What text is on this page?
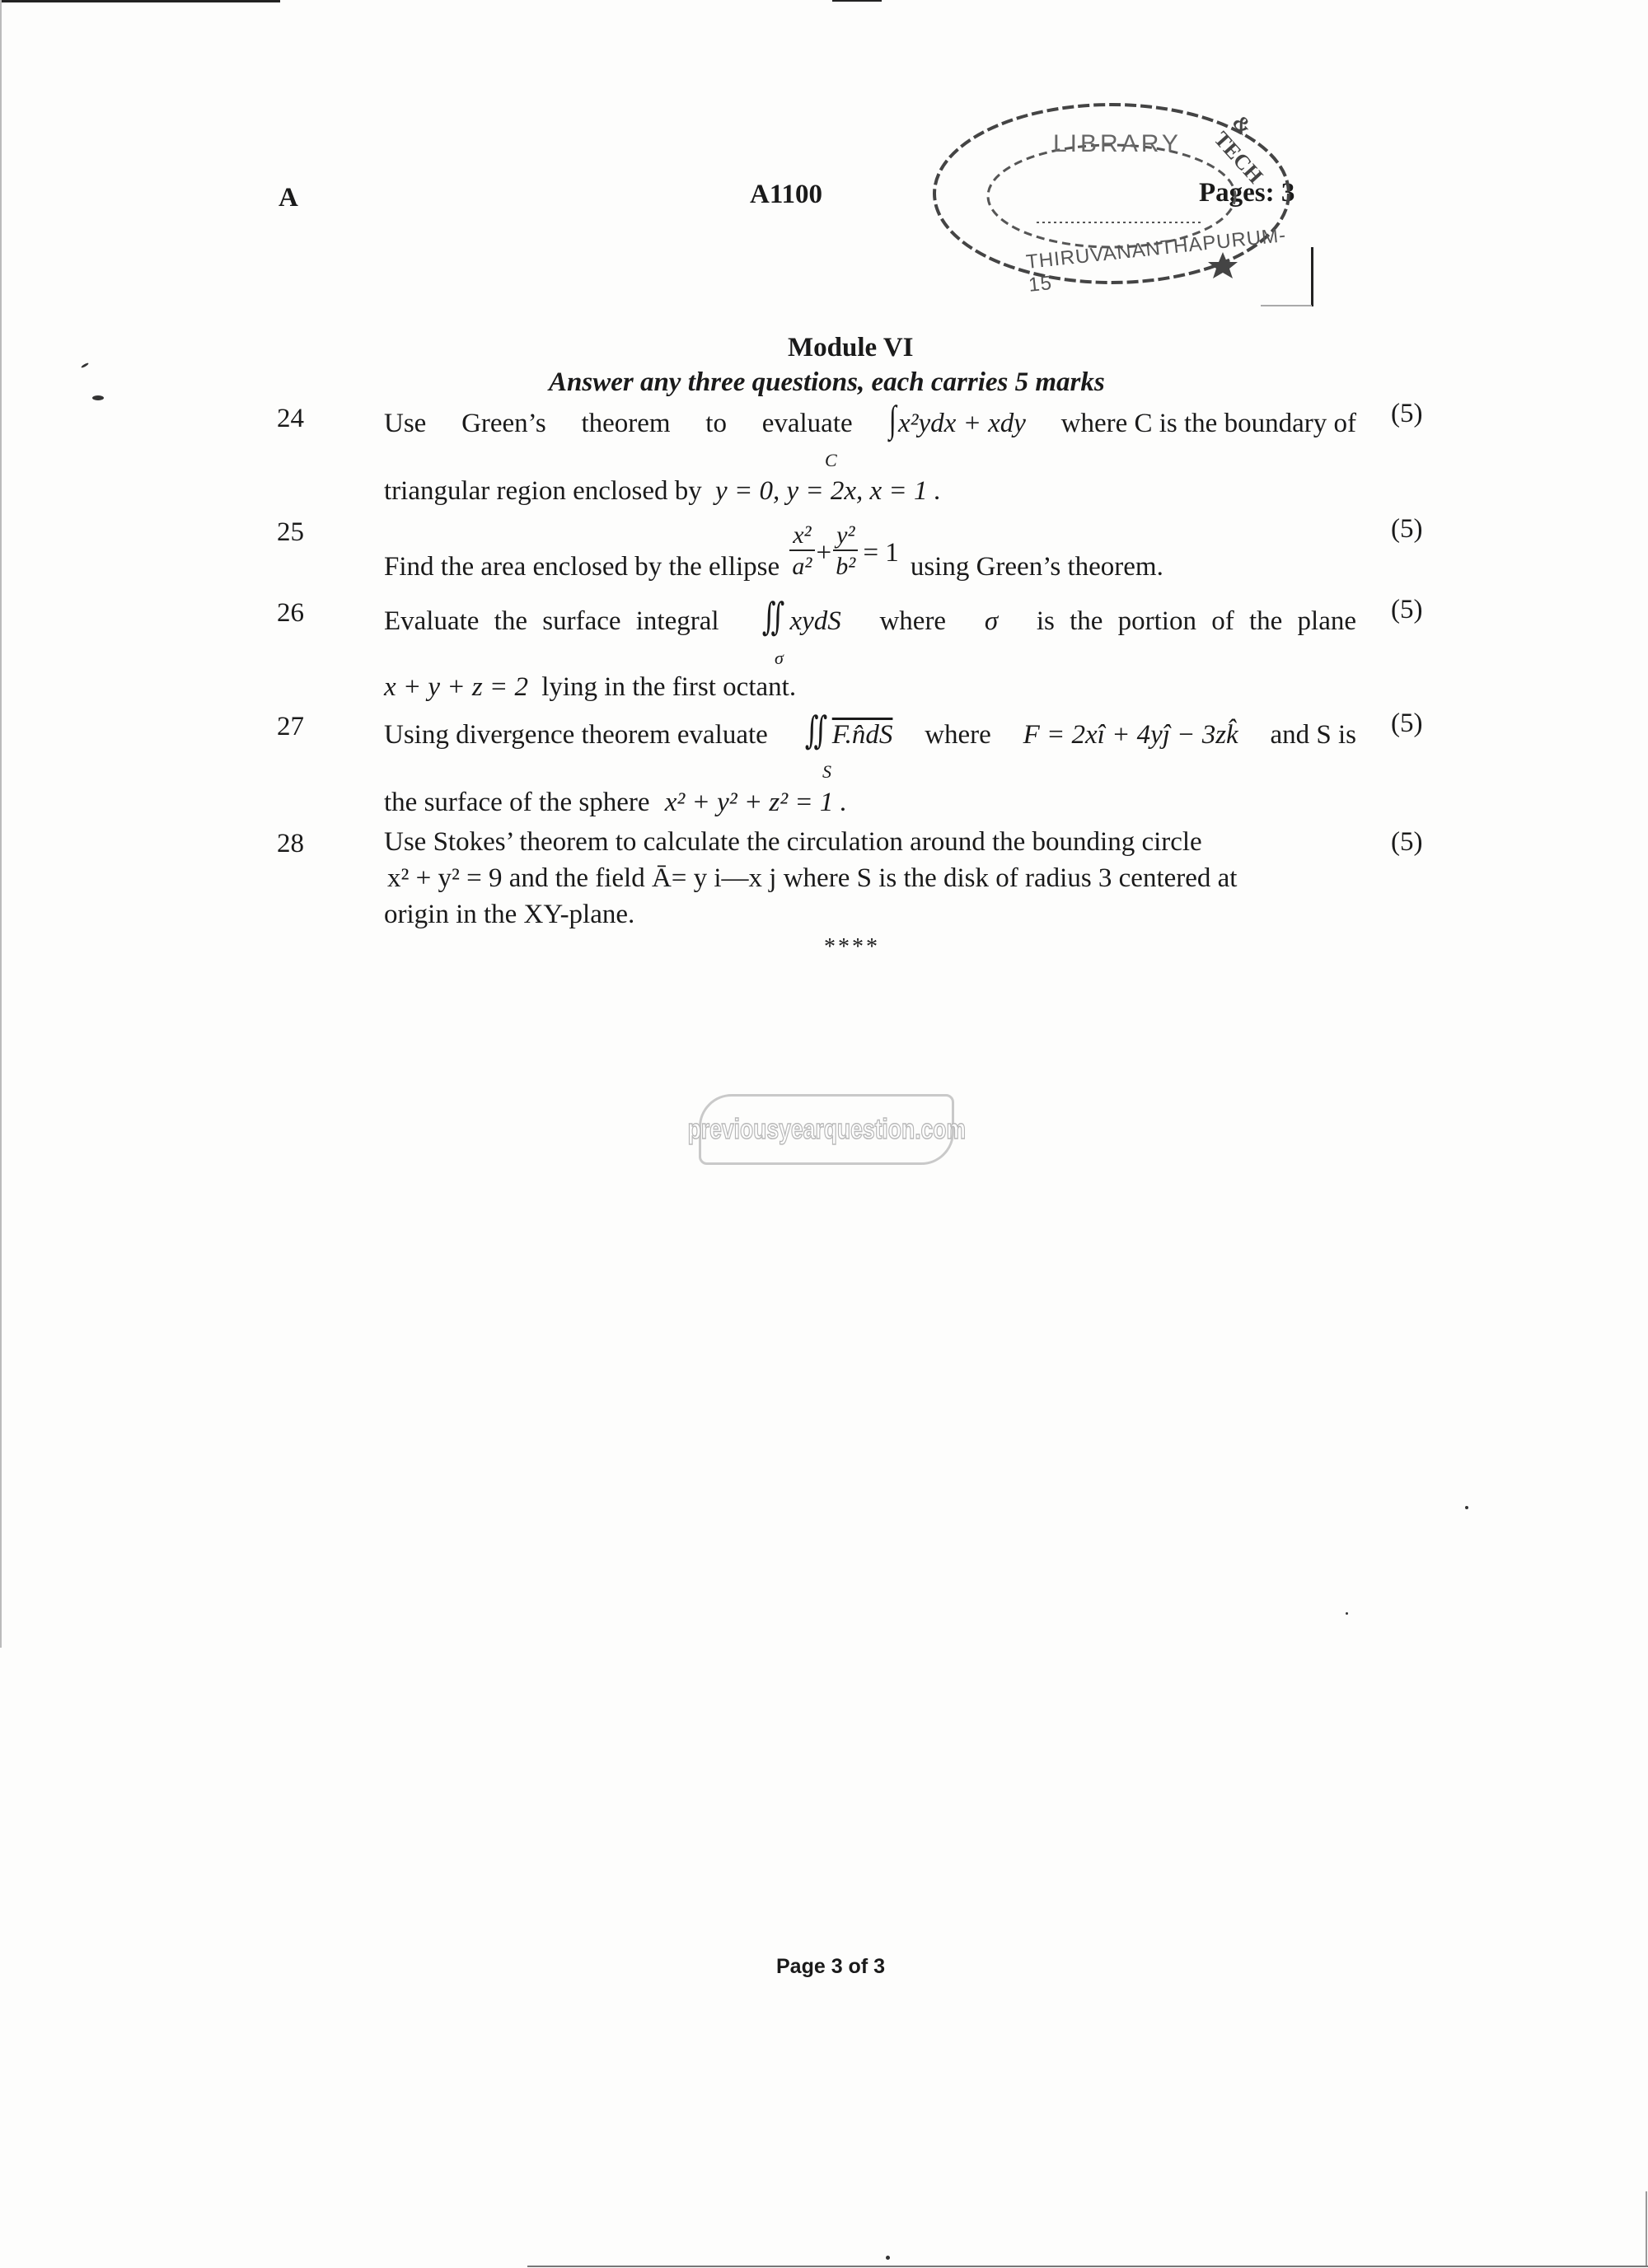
A	A1100	Pages: 3
LIBRARY
THIRUVANANTHAPURUM-15
& TECH
Module VI
Answer any three questions, each carries 5 marks
24	(5)
Use Green’s theorem to evaluate ∫x²ydx + xdy where C is the boundary of
C
triangular region enclosed by y = 0, y = 2x, x = 1 .
25	(5)
Find the area enclosed by the ellipse $\frac{\text{x²}}{\text{a²}} + \frac{\text{y²}}{\text{b²}} = 1$ using Green’s theorem.
26	(5)
Evaluate the surface integral ∬ xydS where σ is the portion of the plane
σ
x + y + z = 2 lying in the first octant.
27	(5)
Using divergence theorem evaluate ∬ F.n̂dS where F = 2xî + 4yĵ − 3zk̂ and S is
S
the surface of the sphere x² + y² + z² = 1 .
28	(5)
Use Stokes’ theorem to calculate the circulation around the bounding circle
x² + y² = 9 and the field Ā= y i—x j where S is the disk of radius 3 centered at
origin in the XY-plane.
****
previousyearquestion.com
Page 3 of 3
